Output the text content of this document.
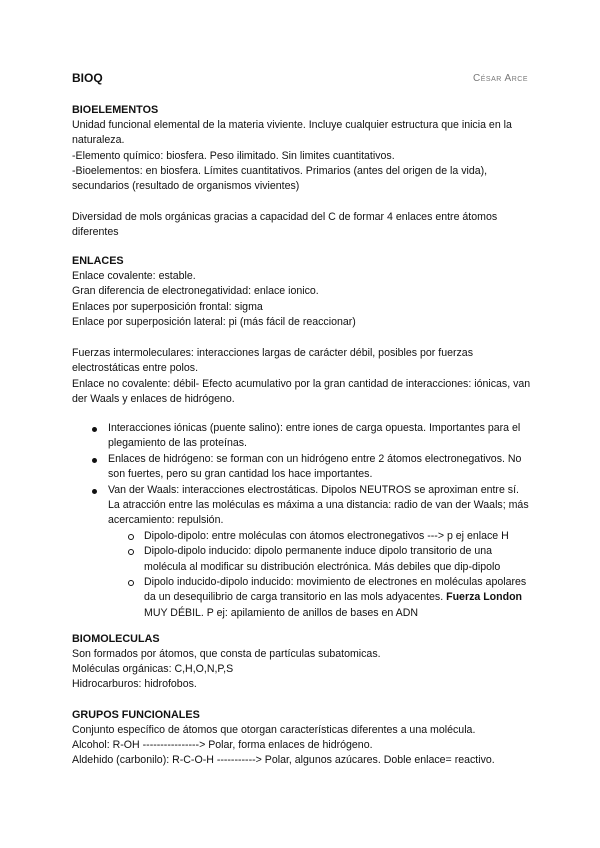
BIOQ	César Arce
BIOELEMENTOS
Unidad funcional elemental de la materia viviente. Incluye cualquier estructura que inicia en la naturaleza.
-Elemento químico: biosfera. Peso ilimitado. Sin limites cuantitativos.
-Bioelementos: en biosfera. Límites cuantitativos. Primarios (antes del origen de la vida), secundarios (resultado de organismos vivientes)
Diversidad de mols orgánicas gracias a capacidad del C de formar 4 enlaces entre átomos diferentes
ENLACES
Enlace covalente: estable.
Gran diferencia de electronegatividad: enlace ionico.
Enlaces por superposición frontal: sigma
Enlace por superposición lateral: pi (más fácil de reaccionar)
Fuerzas intermoleculares: interacciones largas de carácter débil, posibles por fuerzas electrostáticas entre polos.
Enlace no covalente: débil- Efecto acumulativo por la gran cantidad de interacciones: iónicas, van der Waals y enlaces de hidrógeno.
Interacciones iónicas (puente salino): entre iones de carga opuesta. Importantes para el plegamiento de las proteínas.
Enlaces de hidrógeno: se forman con un hidrógeno entre 2 átomos electronegativos. No son fuertes, pero su gran cantidad los hace importantes.
Van der Waals: interacciones electrostáticas. Dipolos NEUTROS se aproximan entre sí. La atracción entre las moléculas es máxima a una distancia: radio de van der Waals; más acercamiento: repulsión.
Dipolo-dipolo: entre moléculas con átomos electronegativos ---> p ej enlace H
Dipolo-dipolo inducido: dipolo permanente induce dipolo transitorio de una molécula al modificar su distribución electrónica. Más debiles que dip-dipolo
Dipolo inducido-dipolo inducido: movimiento de electrones en moléculas apolares da un desequilibrio de carga transitorio en las mols adyacentes. Fuerza London MUY DÉBIL. P ej: apilamiento de anillos de bases en ADN
BIOMOLECULAS
Son formados por átomos, que consta de partículas subatomicas.
Moléculas orgánicas: C,H,O,N,P,S
Hidrocarburos: hidrofobos.
GRUPOS FUNCIONALES
Conjunto específico de átomos que otorgan características diferentes a una molécula.
Alcohol: R-OH ----------------> Polar, forma enlaces de hidrógeno.
Aldehido (carbonilo): R-C-O-H -----------> Polar, algunos azúcares. Doble enlace= reactivo.
